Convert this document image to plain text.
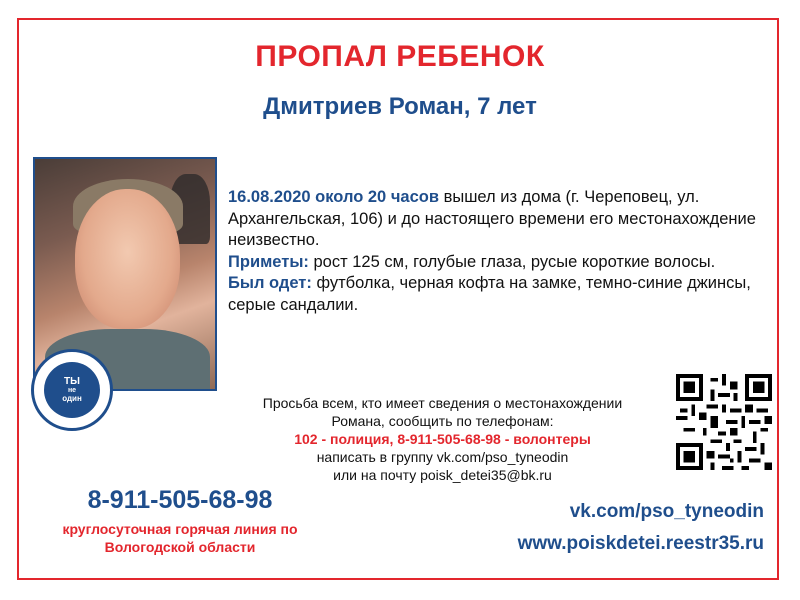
ПРОПАЛ РЕБЕНОК
Дмитриев Роман, 7 лет
ТЫ
не
один
16.08.2020 около 20 часов вышел из дома (г. Череповец, ул. Архангельская, 106) и до настоящего времени его местонахождение неизвестно.
Приметы: рост 125 см, голубые глаза, русые короткие волосы.
Был одет: футболка, черная кофта на замке, темно-синие джинсы, серые сандалии.
Просьба всем, кто имеет сведения о местонахождении
Романа, сообщить по телефонам:
102 - полиция, 8-911-505-68-98 - волонтеры
написать в группу vk.com/pso_tyneodin
или на почту poisk_detei35@bk.ru
8-911-505-68-98
круглосуточная горячая линия по Вологодской области
vk.com/pso_tyneodin
www.poiskdetei.reestr35.ru
